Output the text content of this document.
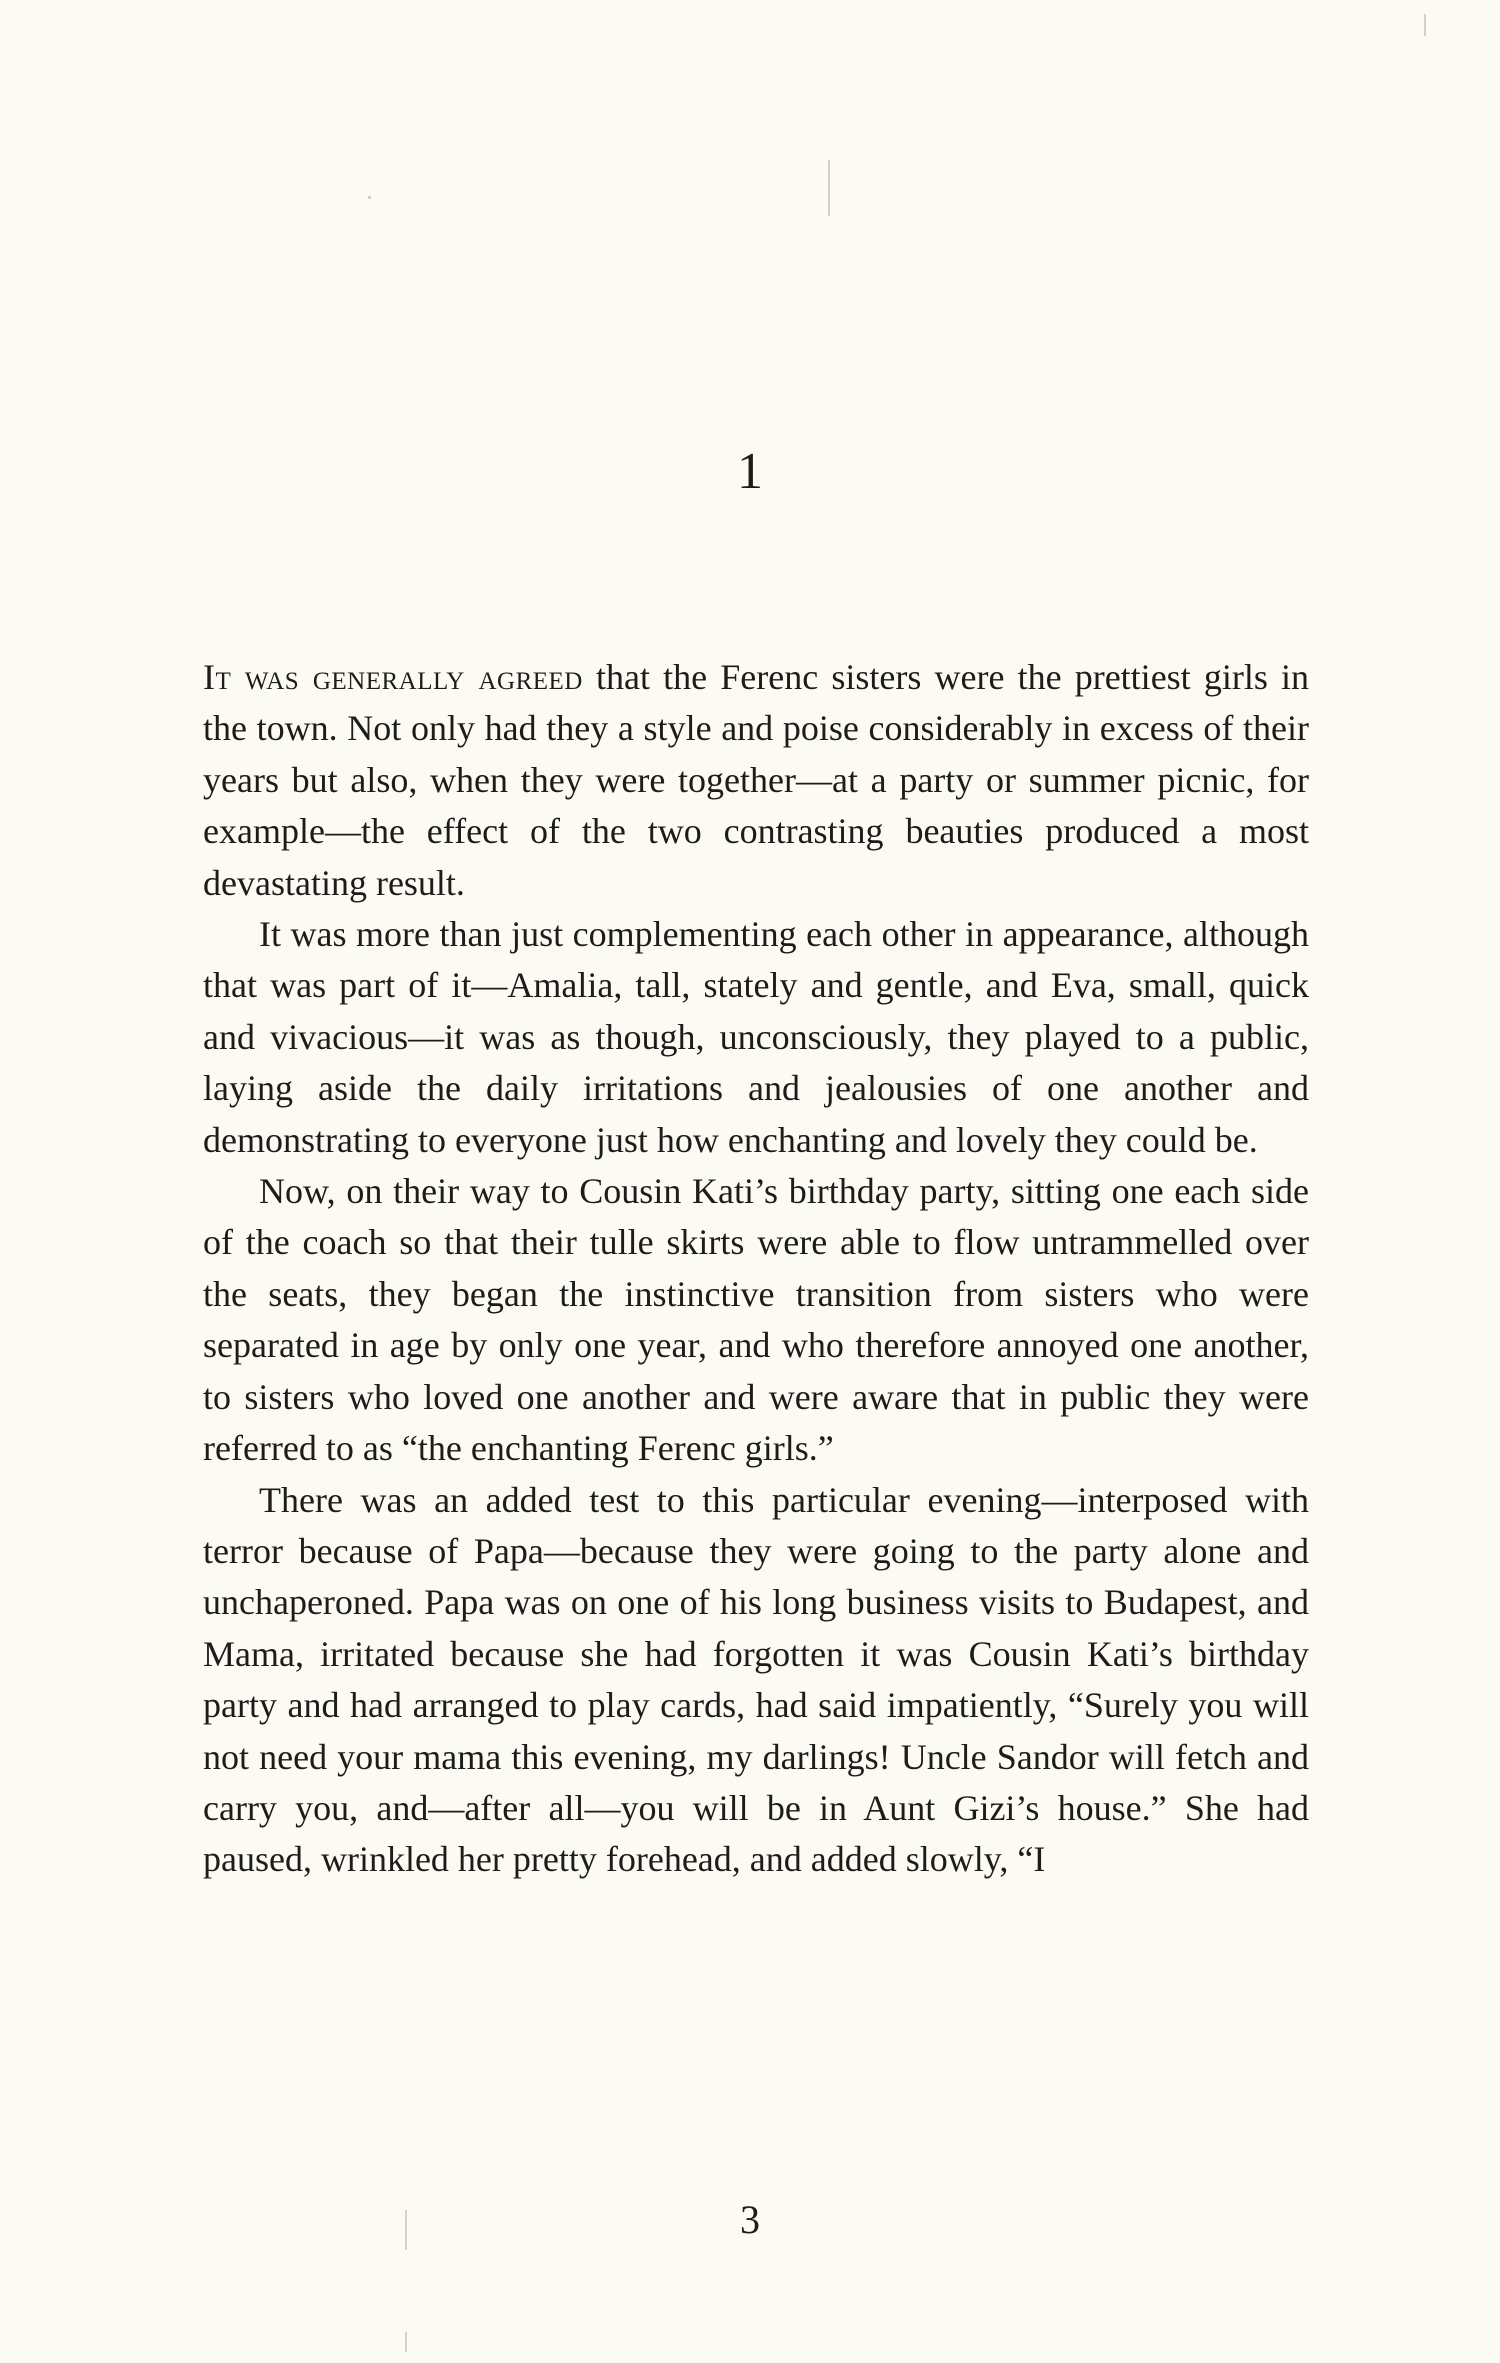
1

It was generally agreed that the Ferenc sisters were the prettiest girls in the town. Not only had they a style and poise considerably in excess of their years but also, when they were together—at a party or summer picnic, for example—the effect of the two contrasting beauties produced a most devastating result.

It was more than just complementing each other in appearance, although that was part of it—Amalia, tall, stately and gentle, and Eva, small, quick and vivacious—it was as though, unconsciously, they played to a public, laying aside the daily irritations and jealousies of one another and demonstrating to everyone just how enchanting and lovely they could be.

Now, on their way to Cousin Kati’s birthday party, sitting one each side of the coach so that their tulle skirts were able to flow untrammelled over the seats, they began the instinctive transition from sisters who were separated in age by only one year, and who therefore annoyed one another, to sisters who loved one another and were aware that in public they were referred to as “the enchanting Ferenc girls.”

There was an added test to this particular evening—interposed with terror because of Papa—because they were going to the party alone and unchaperoned. Papa was on one of his long business visits to Budapest, and Mama, irritated because she had forgotten it was Cousin Kati’s birthday party and had arranged to play cards, had said impatiently, “Surely you will not need your mama this evening, my darlings! Uncle Sandor will fetch and carry you, and—after all—you will be in Aunt Gizi’s house.” She had paused, wrinkled her pretty forehead, and added slowly, “I

3
